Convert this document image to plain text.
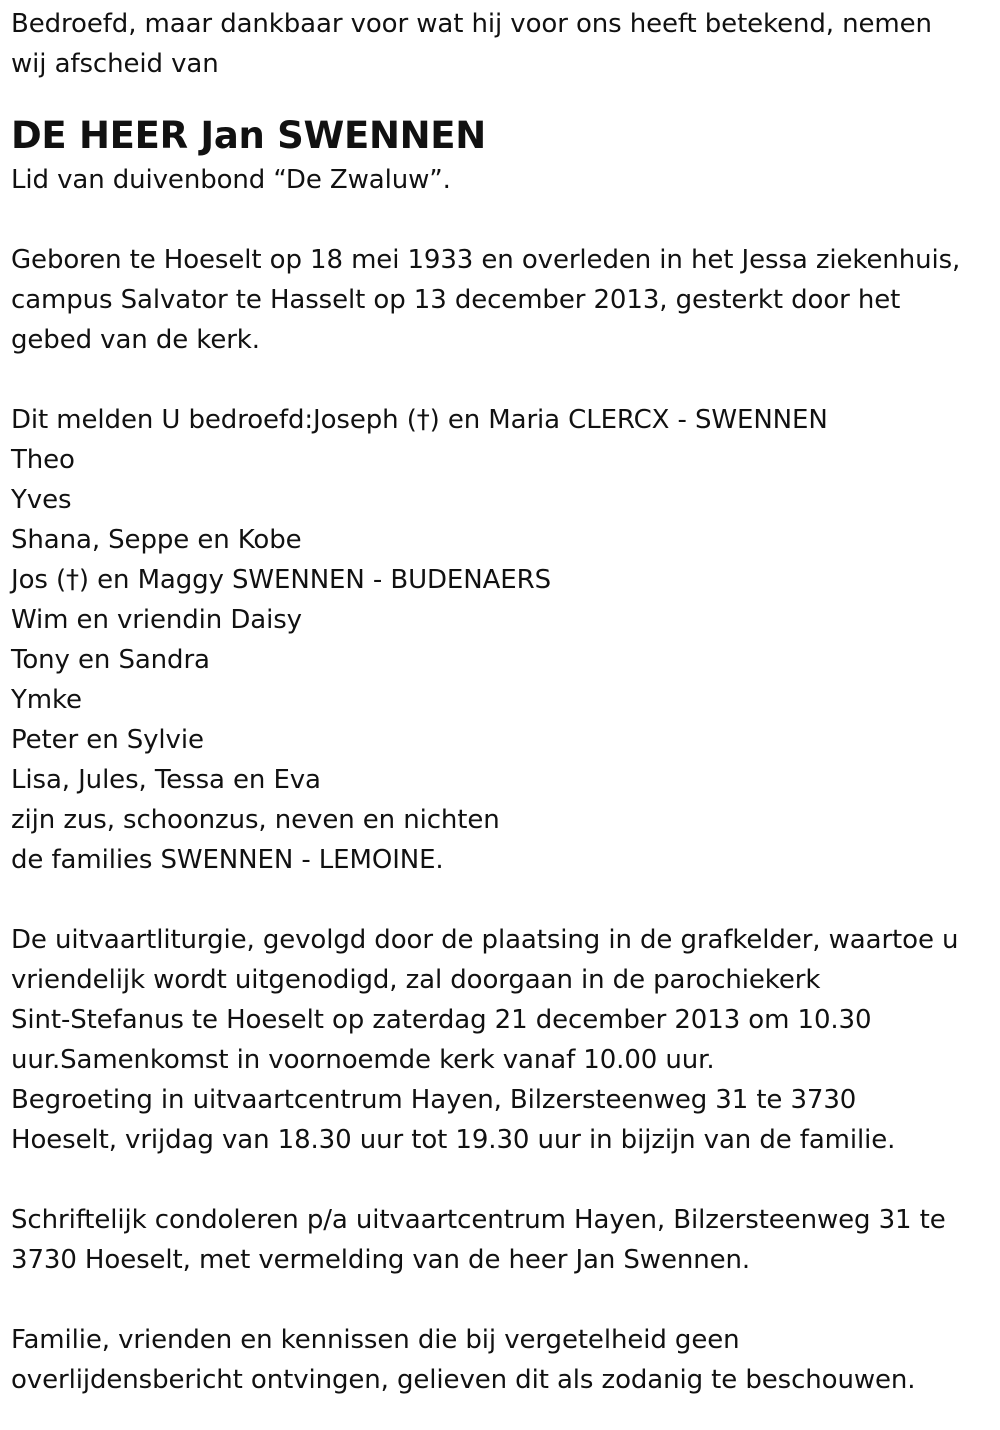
Bedroefd, maar dankbaar voor wat hij voor ons heeft betekend, nemen
wij afscheid van
DE HEER Jan SWENNEN
Lid van duivenbond “De Zwaluw”.
Geboren te Hoeselt op 18 mei 1933 en overleden in het Jessa ziekenhuis,
campus Salvator te Hasselt op 13 december 2013, gesterkt door het
gebed van de kerk.
Dit melden U bedroefd:Joseph (†) en Maria CLERCX - SWENNEN
Theo
Yves
Shana, Seppe en Kobe
Jos (†) en Maggy SWENNEN - BUDENAERS
Wim en vriendin Daisy
Tony en Sandra
Ymke
Peter en Sylvie
Lisa, Jules, Tessa en Eva
zijn zus, schoonzus, neven en nichten
de families SWENNEN - LEMOINE.
De uitvaartliturgie, gevolgd door de plaatsing in de grafkelder, waartoe u
vriendelijk wordt uitgenodigd, zal doorgaan in de parochiekerk
Sint-Stefanus te Hoeselt op zaterdag 21 december 2013 om 10.30
uur.Samenkomst in voornoemde kerk vanaf 10.00 uur.
Begroeting in uitvaartcentrum Hayen, Bilzersteenweg 31 te 3730
Hoeselt, vrijdag van 18.30 uur tot 19.30 uur in bijzijn van de familie.
Schriftelijk condoleren p/a uitvaartcentrum Hayen, Bilzersteenweg 31 te
3730 Hoeselt, met vermelding van de heer Jan Swennen.
Familie, vrienden en kennissen die bij vergetelheid geen
overlijdensbericht ontvingen, gelieven dit als zodanig te beschouwen.
